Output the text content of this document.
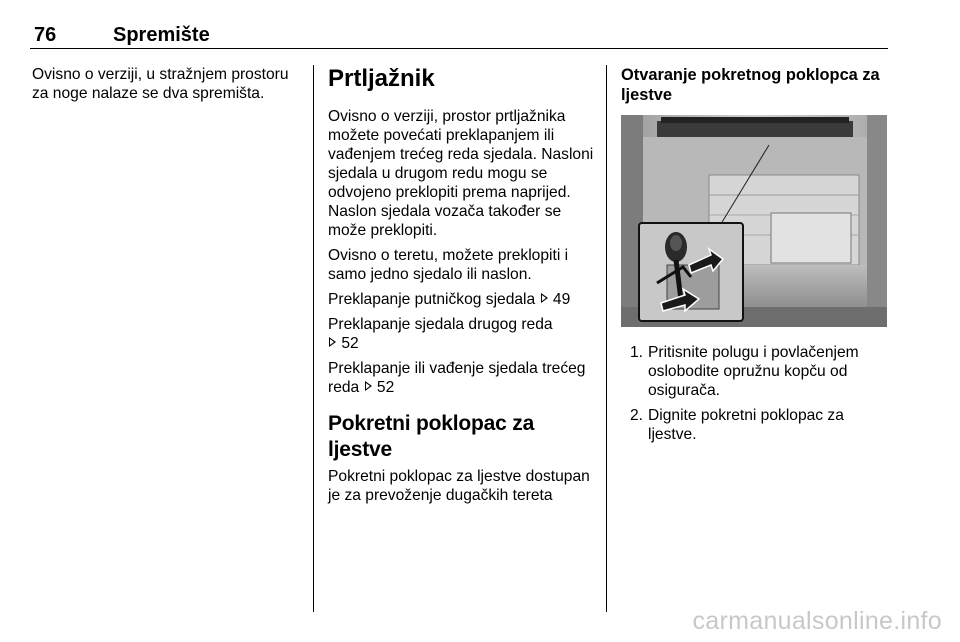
76	Spremište

Ovisno o verziji, u stražnjem prostoru za noge nalaze se dva spremišta.

Prtljažnik

Ovisno o verziji, prostor prtljažnika možete povećati preklapanjem ili vađenjem trećeg reda sjedala. Nasloni sjedala u drugom redu mogu se odvojeno preklopiti prema naprijed. Naslon sjedala vozača također se može preklopiti.

Ovisno o teretu, možete preklopiti i samo jedno sjedalo ili naslon.

Preklapanje putničkog sjedala 49

Preklapanje sjedala drugog reda
52

Preklapanje ili vađenje sjedala trećeg reda 52

Pokretni poklopac za ljestve

Pokretni poklopac za ljestve dostupan je za prevoženje dugačkih tereta

Otvaranje pokretnog poklopca za ljestve
1. Pritisnite polugu i povlačenjem oslobodite opružnu kopču od osigurača.
2. Dignite pokretni poklopac za ljestve.
carmanualsonline.info
